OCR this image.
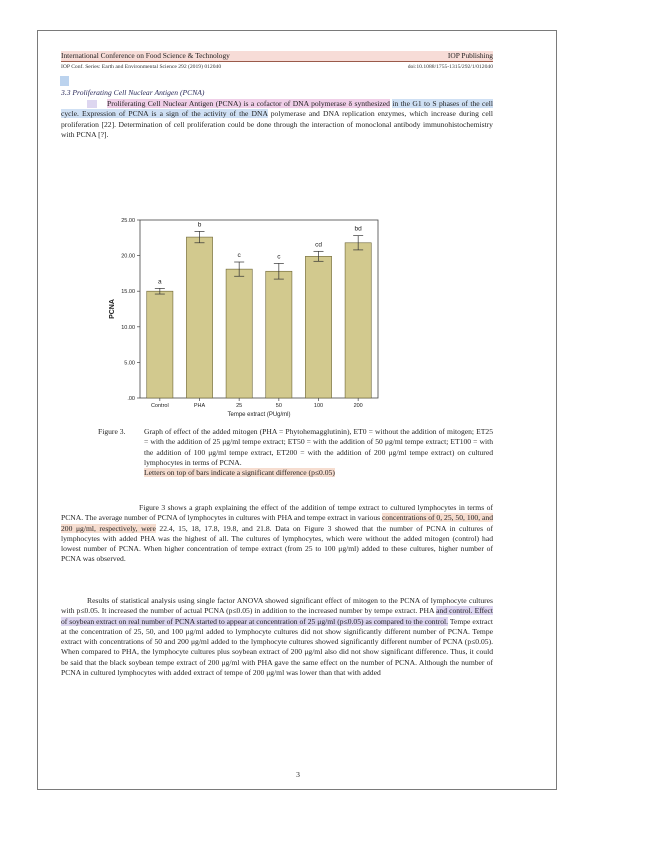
International Conference on Food Science & Technology	IOP Publishing
IOP Conf. Series: Earth and Environmental Science 292 (2019) 012040	doi:10.1088/1755-1315/292/1/012040
3.3 Proliferating Cell Nuclear Antigen (PCNA)
Proliferating Cell Nuclear Antigen (PCNA) is a cofactor of DNA polymerase δ synthesized in the G1 to S phases of the cell cycle. Expression of PCNA is a sign of the activity of the DNA polymerase and DNA replication enzymes, which increase during cell proliferation [22]. Determination of cell proliferation could be done through the interaction of monoclonal antibody immunohistochemistry with PCNA [?].
25.00
20.00
15.00
10.00
5.00
.00
a
Control
b
PHA
c
25
c
50
cd
100
bd
200
Tempe extract (PUg/ml)
PCNA
Figure 3.	Graph of effect of the added mitogen (PHA = Phytohemagglutinin), ET0 = without the addition of mitogen; ET25 = with the addition of 25 μg/ml tempe extract; ET50 = with the addition of 50 μg/ml tempe extract; ET100 = with the addition of 100 μg/ml tempe extract, ET200 = with the addition of 200 μg/ml tempe extract) on cultured lymphocytes in terms of PCNA.
Letters on top of bars indicate a significant difference (p≤0.05)
Figure 3 shows a graph explaining the effect of the addition of tempe extract to cultured lymphocytes in terms of PCNA. The average number of PCNA of lymphocytes in cultures with PHA and tempe extract in various concentrations of 0, 25, 50, 100, and 200 μg/ml, respectively, were 22.4, 15, 18, 17.8, 19.8, and 21.8. Data on Figure 3 showed that the number of PCNA in cultures of lymphocytes with added PHA was the highest of all. The cultures of lymphocytes, which were without the added mitogen (control) had lowest number of PCNA. When higher concentration of tempe extract (from 25 to 100 μg/ml) added to these cultures, higher number of PCNA was observed.
Results of statistical analysis using single factor ANOVA showed significant effect of mitogen to the PCNA of lymphocyte cultures with p≤0.05. It increased the number of actual PCNA (p≤0.05) in addition to the increased number by tempe extract. PHA and control. Effect of soybean extract on real number of PCNA started to appear at concentration of 25 μg/ml (p≤0.05) as compared to the control. Tempe extract at the concentration of 25, 50, and 100 μg/ml added to lymphocyte cultures did not show significantly different number of PCNA. Tempe extract with concentrations of 50 and 200 μg/ml added to the lymphocyte cultures showed significantly different number of PCNA (p≤0.05). When compared to PHA, the lymphocyte cultures plus soybean extract of 200 μg/ml also did not show significant difference. Thus, it could be said that the black soybean tempe extract of 200 μg/ml with PHA gave the same effect on the number of PCNA. Although the number of PCNA in cultured lymphocytes with added extract of tempe of 200 μg/ml was lower than that with added
3
